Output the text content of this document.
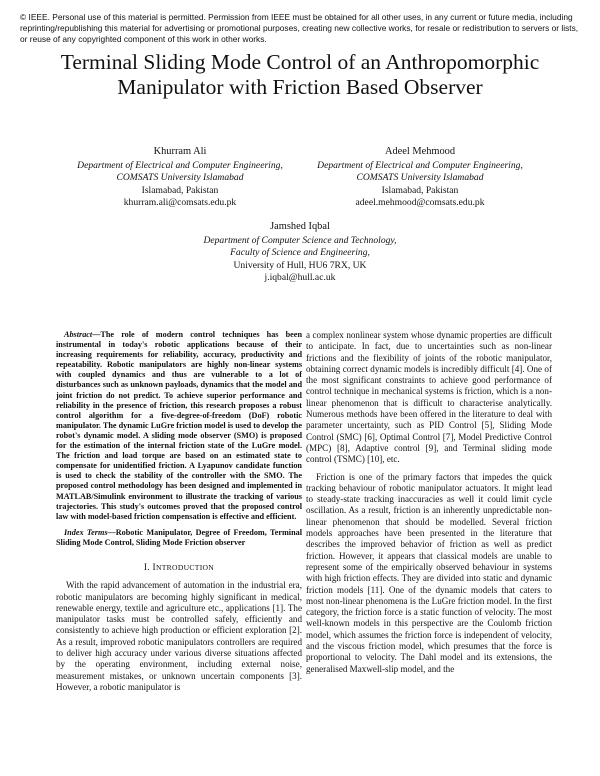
© IEEE. Personal use of this material is permitted. Permission from IEEE must be obtained for all other uses, in any current or future media, including reprinting/republishing this material for advertising or promotional purposes, creating new collective works, for resale or redistribution to servers or lists, or reuse of any copyrighted component of this work in other works.
Terminal Sliding Mode Control of an Anthropomorphic Manipulator with Friction Based Observer
Khurram Ali
Department of Electrical and Computer Engineering,
COMSATS University Islamabad
Islamabad, Pakistan
khurram.ali@comsats.edu.pk
Adeel Mehmood
Department of Electrical and Computer Engineering,
COMSATS University Islamabad
Islamabad, Pakistan
adeel.mehmood@comsats.edu.pk
Jamshed Iqbal
Department of Computer Science and Technology,
Faculty of Science and Engineering,
University of Hull, HU6 7RX, UK
j.iqbal@hull.ac.uk

Abstract—The role of modern control techniques has been instrumental in today's robotic applications because of their increasing requirements for reliability, accuracy, productivity and repeatability. Robotic manipulators are highly non-linear systems with coupled dynamics and thus are vulnerable to a lot of disturbances such as unknown payloads, dynamics that the model and joint friction do not predict. To achieve superior performance and reliability in the presence of friction, this research proposes a robust control algorithm for a five-degree-of-freedom (DoF) robotic manipulator. The dynamic LuGre friction model is used to develop the robot's dynamic model. A sliding mode observer (SMO) is proposed for the estimation of the internal friction state of the LuGre model. The friction and load torque are based on an estimated state to compensate for unidentified friction. A Lyapunov candidate function is used to check the stability of the controller with the SMO. The proposed control methodology has been designed and implemented in MATLAB/Simulink environment to illustrate the tracking of various trajectories. This study's outcomes proved that the proposed control law with model-based friction compensation is effective and efficient.

Index Terms—Robotic Manipulator, Degree of Freedom, Terminal Sliding Mode Control, Sliding Mode Friction observer

I. INTRODUCTION

With the rapid advancement of automation in the industrial era, robotic manipulators are becoming highly significant in medical, renewable energy, textile and agriculture etc., applications [1]. The manipulator tasks must be controlled safely, efficiently and consistently to achieve high production or efficient exploration [2]. As a result, improved robotic manipulators controllers are required to deliver high accuracy under various diverse situations affected by the operating environment, including external noise, measurement mistakes, or unknown uncertain components [3]. However, a robotic manipulator is

a complex nonlinear system whose dynamic properties are difficult to anticipate. In fact, due to uncertainties such as non-linear frictions and the flexibility of joints of the robotic manipulator, obtaining correct dynamic models is incredibly difficult [4]. One of the most significant constraints to achieve good performance of control technique in mechanical systems is friction, which is a non-linear phenomenon that is difficult to characterise analytically. Numerous methods have been offered in the literature to deal with parameter uncertainty, such as PID Control [5], Sliding Mode Control (SMC) [6], Optimal Control [7], Model Predictive Control (MPC) [8], Adaptive control [9], and Terminal sliding mode control (TSMC) [10], etc.

Friction is one of the primary factors that impedes the quick tracking behaviour of robotic manipulator actuators. It might lead to steady-state tracking inaccuracies as well it could limit cycle oscillation. As a result, friction is an inherently unpredictable non-linear phenomenon that should be modelled. Several friction models approaches have been presented in the literature that describes the improved behavior of friction as well as predict friction. However, it appears that classical models are unable to represent some of the empirically observed behaviour in systems with high friction effects. They are divided into static and dynamic friction models [11]. One of the dynamic models that caters to most non-linear phenomena is the LuGre friction model. In the first category, the friction force is a static function of velocity. The most well-known models in this perspective are the Coulomb friction model, which assumes the friction force is independent of velocity, and the viscous friction model, which presumes that the force is proportional to velocity. The Dahl model and its extensions, the generalised Maxwell-slip model, and the
